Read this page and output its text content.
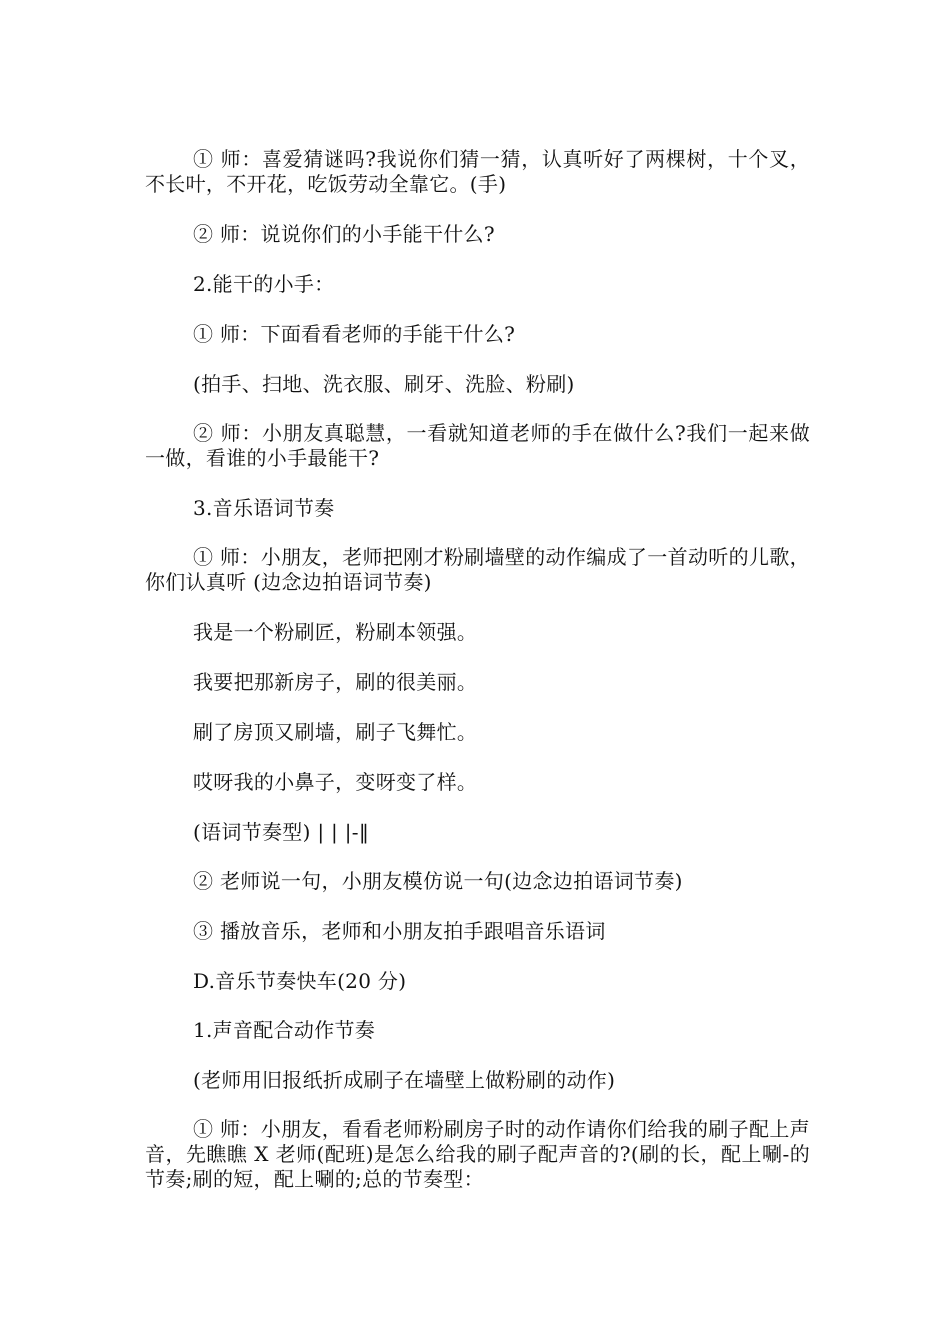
① 师：喜爱猜谜吗?我说你们猜一猜，认真听好了两棵树，十个叉，不长叶，不开花，吃饭劳动全靠它。(手)

② 师：说说你们的小手能干什么?

2.能干的小手：

① 师：下面看看老师的手能干什么?

(拍手、扫地、洗衣服、刷牙、洗脸、粉刷)

② 师：小朋友真聪慧，一看就知道老师的手在做什么?我们一起来做一做，看谁的小手最能干?

3.音乐语词节奏

① 师：小朋友，老师把刚才粉刷墙壁的动作编成了一首动听的儿歌，你们认真听 (边念边拍语词节奏)

我是一个粉刷匠，粉刷本领强。

我要把那新房子，刷的很美丽。

刷了房顶又刷墙，刷子飞舞忙。

哎呀我的小鼻子，变呀变了样。

(语词节奏型) | | |-‖

② 老师说一句，小朋友模仿说一句(边念边拍语词节奏)

③ 播放音乐，老师和小朋友拍手跟唱音乐语词

D.音乐节奏快车(20 分)

1.声音配合动作节奏

(老师用旧报纸折成刷子在墙壁上做粉刷的动作)

① 师：小朋友，看看老师粉刷房子时的动作请你们给我的刷子配上声音，先瞧瞧 X 老师(配班)是怎么给我的刷子配声音的?(刷的长，配上唰-的节奏;刷的短，配上唰的;总的节奏型：
